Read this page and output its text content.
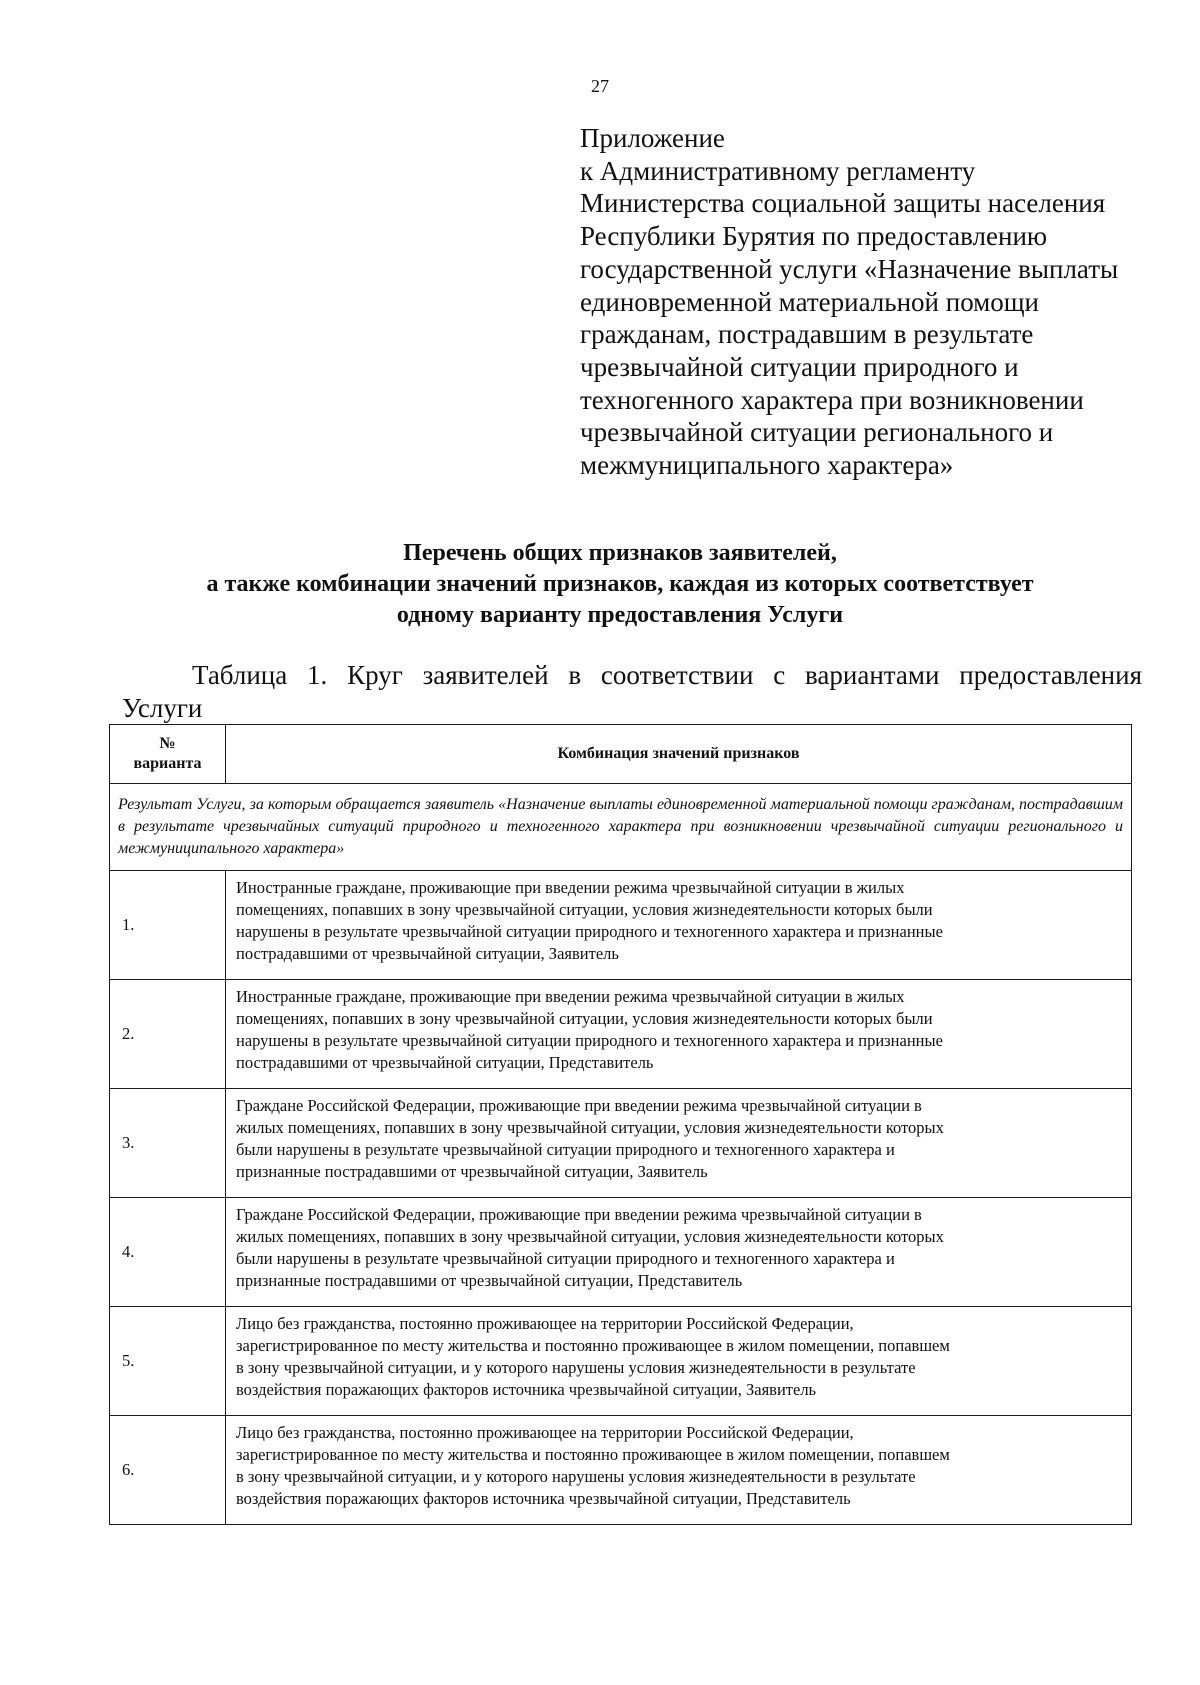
27
Приложение
к Административному регламенту
Министерства социальной защиты населения
Республики Бурятия по предоставлению
государственной услуги «Назначение выплаты
единовременной материальной помощи
гражданам, пострадавшим в результате
чрезвычайной ситуации природного и
техногенного характера при возникновении
чрезвычайной ситуации регионального и
межмуниципального характера»
Перечень общих признаков заявителей,
а также комбинации значений признаков, каждая из которых соответствует
одному варианту предоставления Услуги
Таблица 1. Круг заявителей в соответствии с вариантами предоставления
Услуги
№
варианта	Комбинация значений признаков
Результат Услуги, за которым обращается заявитель «Назначение выплаты единовременной материальной помощи гражданам, пострадавшим в результате чрезвычайных ситуаций природного и техногенного характера при возникновении чрезвычайной ситуации регионального и межмуниципального характера»	
1.	Иностранные граждане, проживающие при введении режима чрезвычайной ситуации в жилых
помещениях, попавших в зону чрезвычайной ситуации, условия жизнедеятельности которых были
нарушены в результате чрезвычайной ситуации природного и техногенного характера и признанные
пострадавшими от чрезвычайной ситуации, Заявитель

2.	Иностранные граждане, проживающие при введении режима чрезвычайной ситуации в жилых
помещениях, попавших в зону чрезвычайной ситуации, условия жизнедеятельности которых были
нарушены в результате чрезвычайной ситуации природного и техногенного характера и признанные
пострадавшими от чрезвычайной ситуации, Представитель

3.	Граждане Российской Федерации, проживающие при введении режима чрезвычайной ситуации в
жилых помещениях, попавших в зону чрезвычайной ситуации, условия жизнедеятельности которых
были нарушены в результате чрезвычайной ситуации природного и техногенного характера и
признанные пострадавшими от чрезвычайной ситуации, Заявитель

4.	Граждане Российской Федерации, проживающие при введении режима чрезвычайной ситуации в
жилых помещениях, попавших в зону чрезвычайной ситуации, условия жизнедеятельности которых
были нарушены в результате чрезвычайной ситуации природного и техногенного характера и
признанные пострадавшими от чрезвычайной ситуации, Представитель

5.	Лицо без гражданства, постоянно проживающее на территории Российской Федерации,
зарегистрированное по месту жительства и постоянно проживающее в жилом помещении, попавшем
в зону чрезвычайной ситуации, и у которого нарушены условия жизнедеятельности в результате
воздействия поражающих факторов источника чрезвычайной ситуации, Заявитель

6.	Лицо без гражданства, постоянно проживающее на территории Российской Федерации,
зарегистрированное по месту жительства и постоянно проживающее в жилом помещении, попавшем
в зону чрезвычайной ситуации, и у которого нарушены условия жизнедеятельности в результате
воздействия поражающих факторов источника чрезвычайной ситуации, Представитель
